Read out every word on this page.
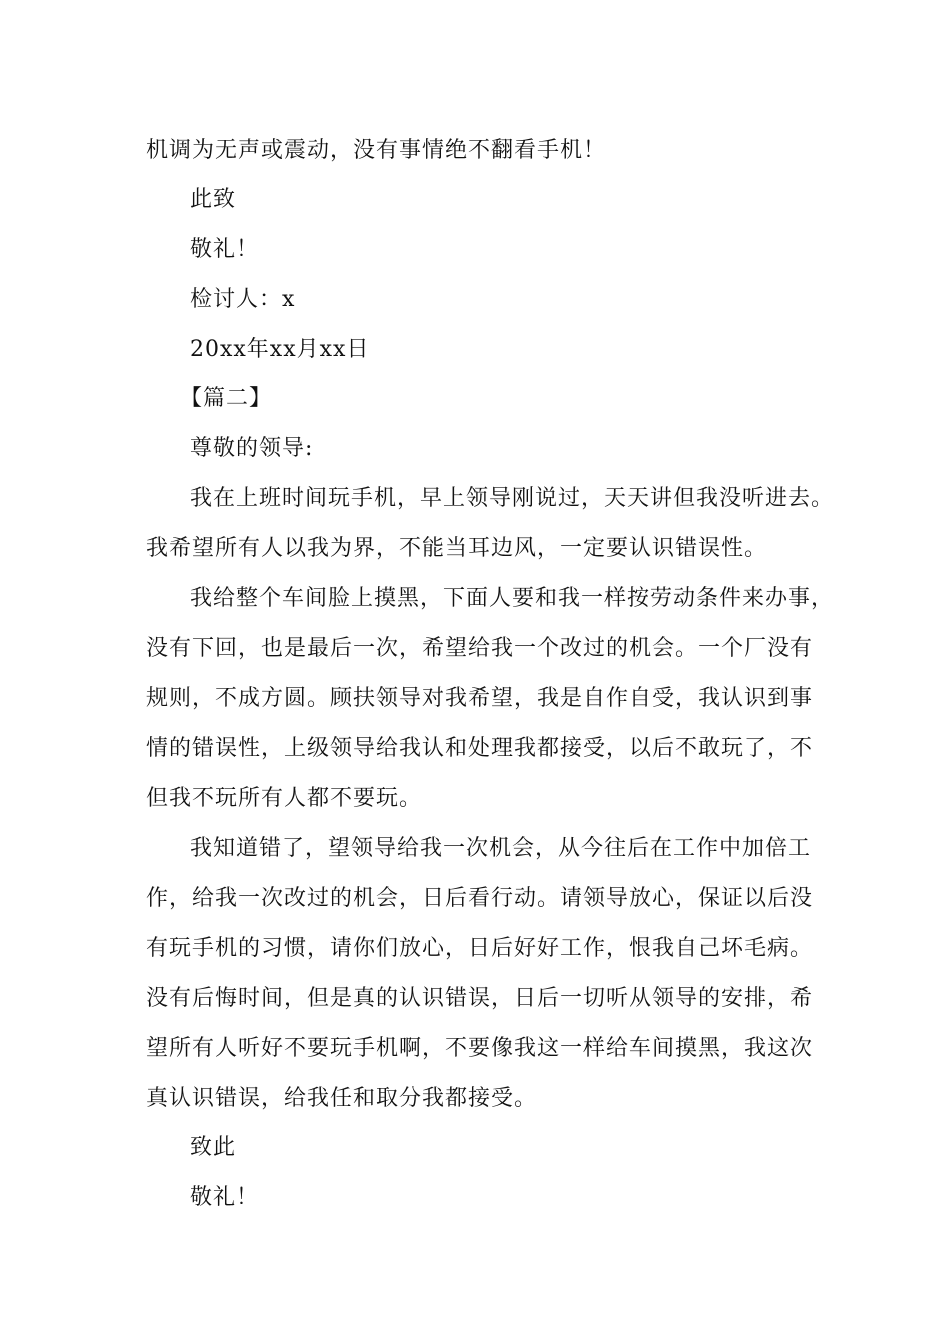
机调为无声或震动，没有事情绝不翻看手机！
此致
敬礼！
检讨人：x
20xx年xx月xx日
【篇二】
尊敬的领导:
我在上班时间玩手机，早上领导刚说过，天天讲但我没听进去。
我希望所有人以我为界，不能当耳边风，一定要认识错误性。
我给整个车间脸上摸黑，下面人要和我一样按劳动条件来办事，
没有下回，也是最后一次，希望给我一个改过的机会。一个厂没有
规则，不成方圆。顾扶领导对我希望，我是自作自受，我认识到事
情的错误性，上级领导给我认和处理我都接受，以后不敢玩了，不
但我不玩所有人都不要玩。
我知道错了，望领导给我一次机会，从今往后在工作中加倍工
作，给我一次改过的机会，日后看行动。请领导放心，保证以后没
有玩手机的习惯，请你们放心，日后好好工作，恨我自己坏毛病。
没有后悔时间，但是真的认识错误，日后一切听从领导的安排，希
望所有人听好不要玩手机啊，不要像我这一样给车间摸黑，我这次
真认识错误，给我任和取分我都接受。
致此
敬礼！
